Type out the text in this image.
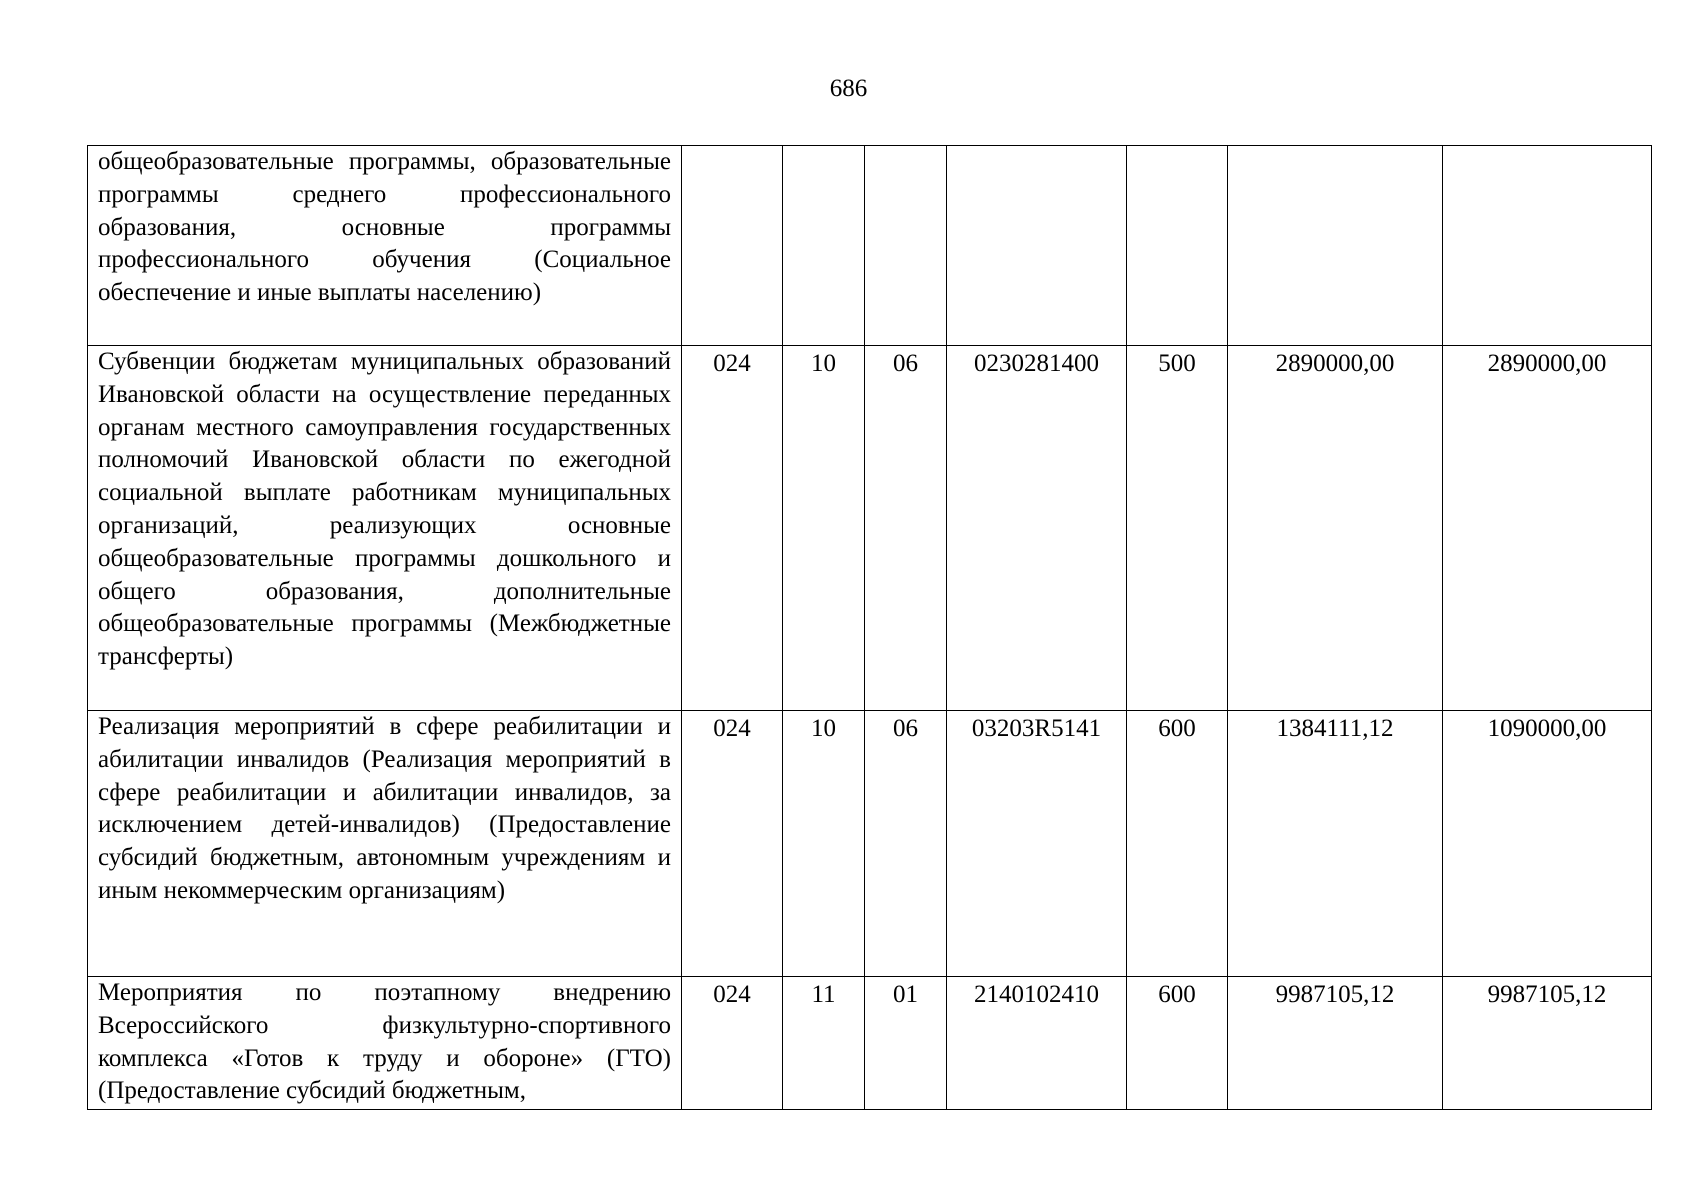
686
общеобразовательные программы, образовательные программы среднего профессионального образования, основные программы профессионального обучения (Социальное обеспечение и иные выплаты населению)							
Субвенции бюджетам муниципальных образований Ивановской области на осуществление переданных органам местного самоуправления государственных полномочий Ивановской области по ежегодной социальной выплате работникам муниципальных организаций, реализующих основные общеобразовательные программы дошкольного и общего образования, дополнительные общеобразовательные программы (Межбюджетные трансферты)	024	10	06	0230281400	500	2890000,00	2890000,00
Реализация мероприятий в сфере реабилитации и абилитации инвалидов (Реализация мероприятий в сфере реабилитации и абилитации инвалидов, за исключением детей-инвалидов) (Предоставление субсидий бюджетным, автономным учреждениям и иным некоммерческим организациям)	024	10	06	03203R5141	600	1384111,12	1090000,00
Мероприятия по поэтапному внедрению Всероссийского физкультурно-спортивного комплекса «Готов к труду и обороне» (ГТО) (Предоставление субсидий бюджетным,	024	11	01	2140102410	600	9987105,12	9987105,12
